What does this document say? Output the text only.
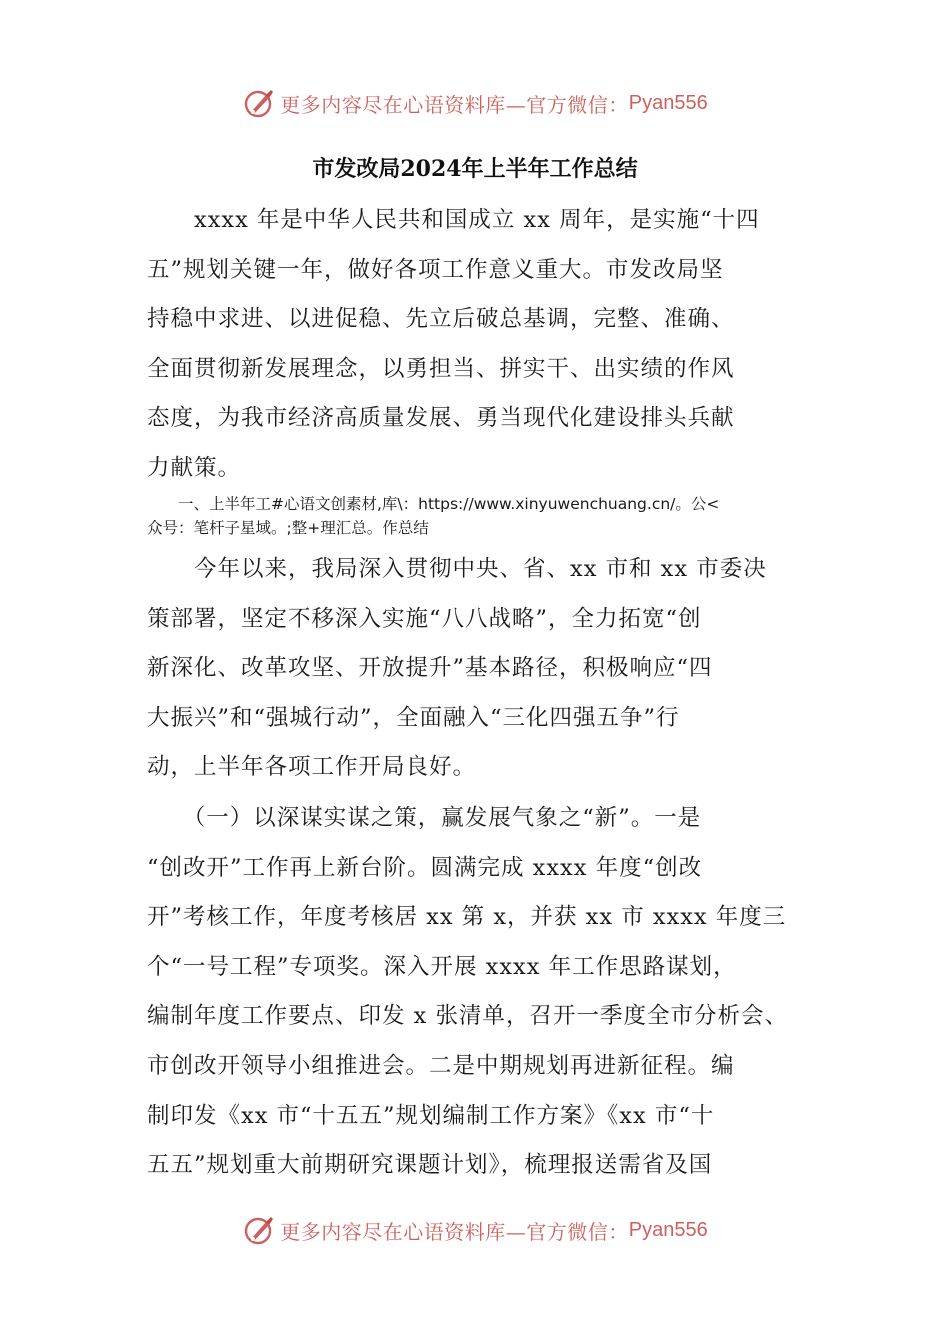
更多内容尽在心语资料库—官方微信： Pyan556
市发改局2024年上半年工作总结

　　xxxx 年是中华人民共和国成立 xx 周年，是实施“十四
五”规划关键一年，做好各项工作意义重大。市发改局坚
持稳中求进、以进促稳、先立后破总基调，完整、准确、
全面贯彻新发展理念，以勇担当、拼实干、出实绩的作风
态度，为我市经济高质量发展、勇当现代化建设排头兵献
力献策。

　　一、上半年工#心语文创素材,库\：https://www.xinyuwenchuang.cn/。公<
众号：笔杆子星域。;整+理汇总。作总结

　　今年以来，我局深入贯彻中央、省、xx 市和 xx 市委决
策部署，坚定不移深入实施“八八战略”，全力拓宽“创
新深化、改革攻坚、开放提升”基本路径，积极响应“四
大振兴”和“强城行动”，全面融入“三化四强五争”行
动，上半年各项工作开局良好。

　　（一）以深谋实谋之策，赢发展气象之“新”。一是
“创改开”工作再上新台阶。圆满完成 xxxx 年度“创改
开”考核工作，年度考核居 xx 第 x，并获 xx 市 xxxx 年度三
个“一号工程”专项奖。深入开展 xxxx 年工作思路谋划，
编制年度工作要点、印发 x 张清单，召开一季度全市分析会、
市创改开领导小组推进会。二是中期规划再进新征程。编
制印发《xx 市“十五五”规划编制工作方案》《xx 市“十
五五”规划重大前期研究课题计划》，梳理报送需省及国

更多内容尽在心语资料库—官方微信： Pyan556
